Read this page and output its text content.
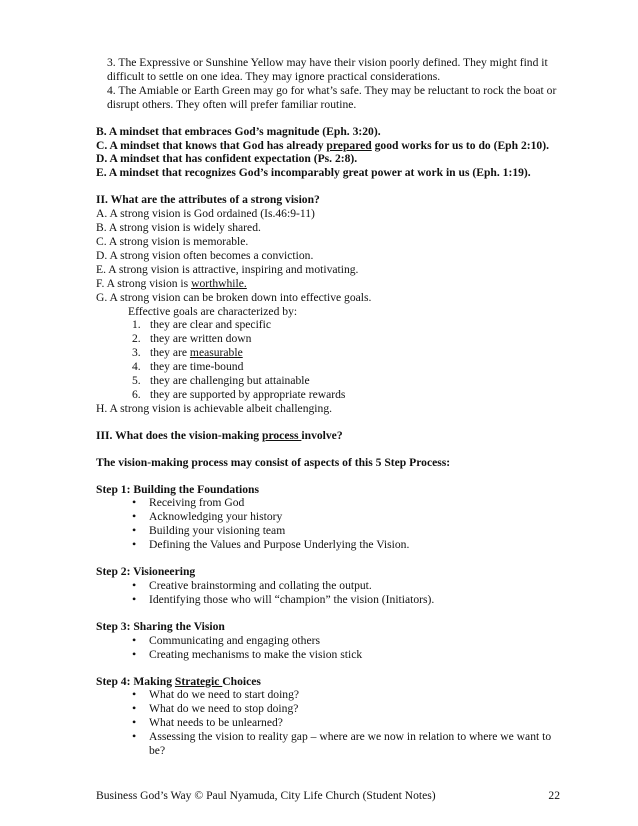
3. The Expressive or Sunshine Yellow may have their vision poorly defined. They might find it difficult to settle on one idea. They may ignore practical considerations.

4. The Amiable or Earth Green may go for what’s safe. They may be reluctant to rock the boat or disrupt others. They often will prefer familiar routine.

B. A mindset that embraces God’s magnitude (Eph. 3:20).

C. A mindset that knows that God has already prepared good works for us to do (Eph 2:10).

D. A mindset that has confident expectation (Ps. 2:8).

E. A mindset that recognizes God’s incomparably great power at work in us (Eph. 1:19).

II. What are the attributes of a strong vision?

A. A strong vision is God ordained (Is.46:9-11)

B. A strong vision is widely shared.

C. A strong vision is memorable.

D. A strong vision often becomes a conviction.

E. A strong vision is attractive, inspiring and motivating.

F. A strong vision is worthwhile.

G. A strong vision can be broken down into effective goals.

Effective goals are characterized by:

1. they are clear and specific
2. they are written down
3. they are measurable
4. they are time-bound
5. they are challenging but attainable
6. they are supported by appropriate rewards

H. A strong vision is achievable albeit challenging.

III. What does the vision-making process involve?

The vision-making process may consist of aspects of this 5 Step Process:

Step 1: Building the Foundations

• Receiving from God
• Acknowledging your history
• Building your visioning team
• Defining the Values and Purpose Underlying the Vision.

Step 2: Visioneering

• Creative brainstorming and collating the output.
• Identifying those who will “champion” the vision (Initiators).

Step 3: Sharing the Vision

• Communicating and engaging others
• Creating mechanisms to make the vision stick

Step 4: Making Strategic Choices

• What do we need to start doing?
• What do we need to stop doing?
• What needs to be unlearned?
• Assessing the vision to reality gap – where are we now in relation to where we want to be?
Business God’s Way © Paul Nyamuda, City Life Church (Student Notes)	22
